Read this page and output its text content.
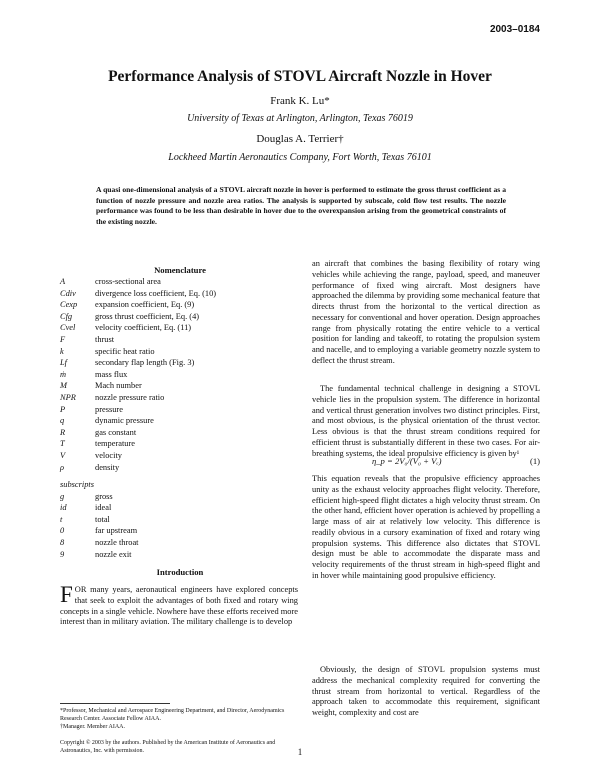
2003–0184
Performance Analysis of STOVL Aircraft Nozzle in Hover
Frank K. Lu*
University of Texas at Arlington, Arlington, Texas 76019
Douglas A. Terrier†
Lockheed Martin Aeronautics Company, Fort Worth, Texas 76101
A quasi one-dimensional analysis of a STOVL aircraft nozzle in hover is performed to estimate the gross thrust coefficient as a function of nozzle pressure and nozzle area ratios. The analysis is supported by subscale, cold flow test results. The nozzle performance was found to be less than desirable in hover due to the overexpansion arising from the geometrical constraints of the existing nozzle.
Nomenclature
A	cross-sectional area
Cdiv divergence loss coefficient, Eq. (10)
Cexp expansion coefficient, Eq. (9)
Cfg	gross thrust coefficient, Eq. (4)
Cvel velocity coefficient, Eq. (11)
F	thrust
k	specific heat ratio
Lf	secondary flap length (Fig. 3)
ṁ	mass flux
M	Mach number
NPR nozzle pressure ratio
P	pressure
q	dynamic pressure
R	gas constant
T	temperature
V	velocity
ρ	density
subscripts
g	gross
id	ideal
t	total
0	far upstream
8	nozzle throat
9	nozzle exit
Introduction
FOR many years, aeronautical engineers have explored concepts that seek to exploit the advantages of both fixed and rotary wing concepts in a single vehicle. Nowhere have these efforts received more interest than in military aviation. The military challenge is to develop
*Professor, Mechanical and Aerospace Engineering Department, and Director, Aerodynamics Research Center. Associate Fellow AIAA.
†Manager. Member AIAA.
Copyright © 2003 by the authors. Published by the American Institute of Aeronautics and Astronautics, Inc. with permission.
an aircraft that combines the basing flexibility of rotary wing vehicles while achieving the range, payload, speed, and maneuver performance of fixed wing aircraft. Most designers have approached the dilemma by providing some mechanical feature that directs thrust from the horizontal to the vertical direction as necessary for conventional and hover operation. Design approaches range from physically rotating the entire vehicle to a vertical position for landing and takeoff, to rotating the propulsion system and nacelle, and to employing a variable geometry nozzle system to deflect the thrust stream.
The fundamental technical challenge in designing a STOVL vehicle lies in the propulsion system. The difference in horizontal and vertical thrust generation involves two distinct principles. First, and most obvious, is the physical orientation of the thrust vector. Less obvious is that the thrust stream conditions required for efficient thrust is substantially different in these two cases. For air-breathing systems, the ideal propulsive efficiency is given by¹
η_p = 2V₀/(V₀ + Vₑ)	(1)
This equation reveals that the propulsive efficiency approaches unity as the exhaust velocity approaches flight velocity. Therefore, efficient high-speed flight dictates a high velocity thrust stream. On the other hand, efficient hover operation is achieved by propelling a large mass of air at relatively low velocity. This difference is readily obvious in a cursory examination of fixed and rotary wing propulsion systems. This difference also dictates that STOVL design must be able to accommodate the disparate mass and velocity requirements of the thrust stream in high-speed flight and in hover while maintaining good propulsive efficiency.
Obviously, the design of STOVL propulsion systems must address the mechanical complexity required for converting the thrust stream from horizontal to vertical. Regardless of the approach taken to accommodate this requirement, significant weight, complexity and cost are
1
